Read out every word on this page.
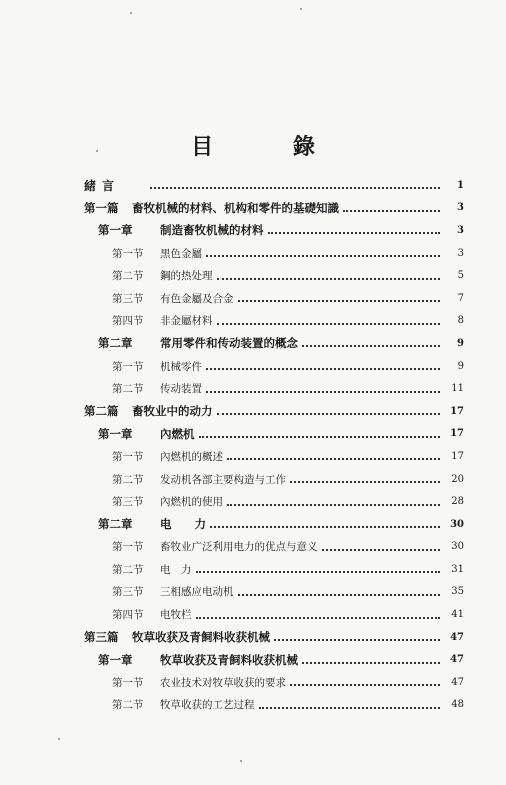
目 錄
緒言	1
第一篇	畜牧机械的材料、机构和零件的基礎知識	3
第一章	制造畜牧机械的材料	3
第一节	黑色金屬	3
第二节	鋼的热处理	5
第三节	有色金屬及合金	7
第四节	非金屬材料	8
第二章	常用零件和传动装置的概念	9
第一节	机械零件	9
第二节	传动装置	11
第二篇	畜牧业中的动力	17
第一章	內燃机	17
第一节	內燃机的概述	17
第二节	发动机各部主要构造与工作	20
第三节	內燃机的使用	28
第二章	电　　力	30
第一节	畜牧业广泛利用电力的优点与意义	30
第二节	电　力	31
第三节	三相感应电动机	35
第四节	电牧栏	41
第三篇	牧草收获及青飼料收获机械	47
第一章	牧草收获及青飼料收获机械	47
第一节	农业技术对牧草收获的要求	47
第二节	牧草收获的工艺过程	48
